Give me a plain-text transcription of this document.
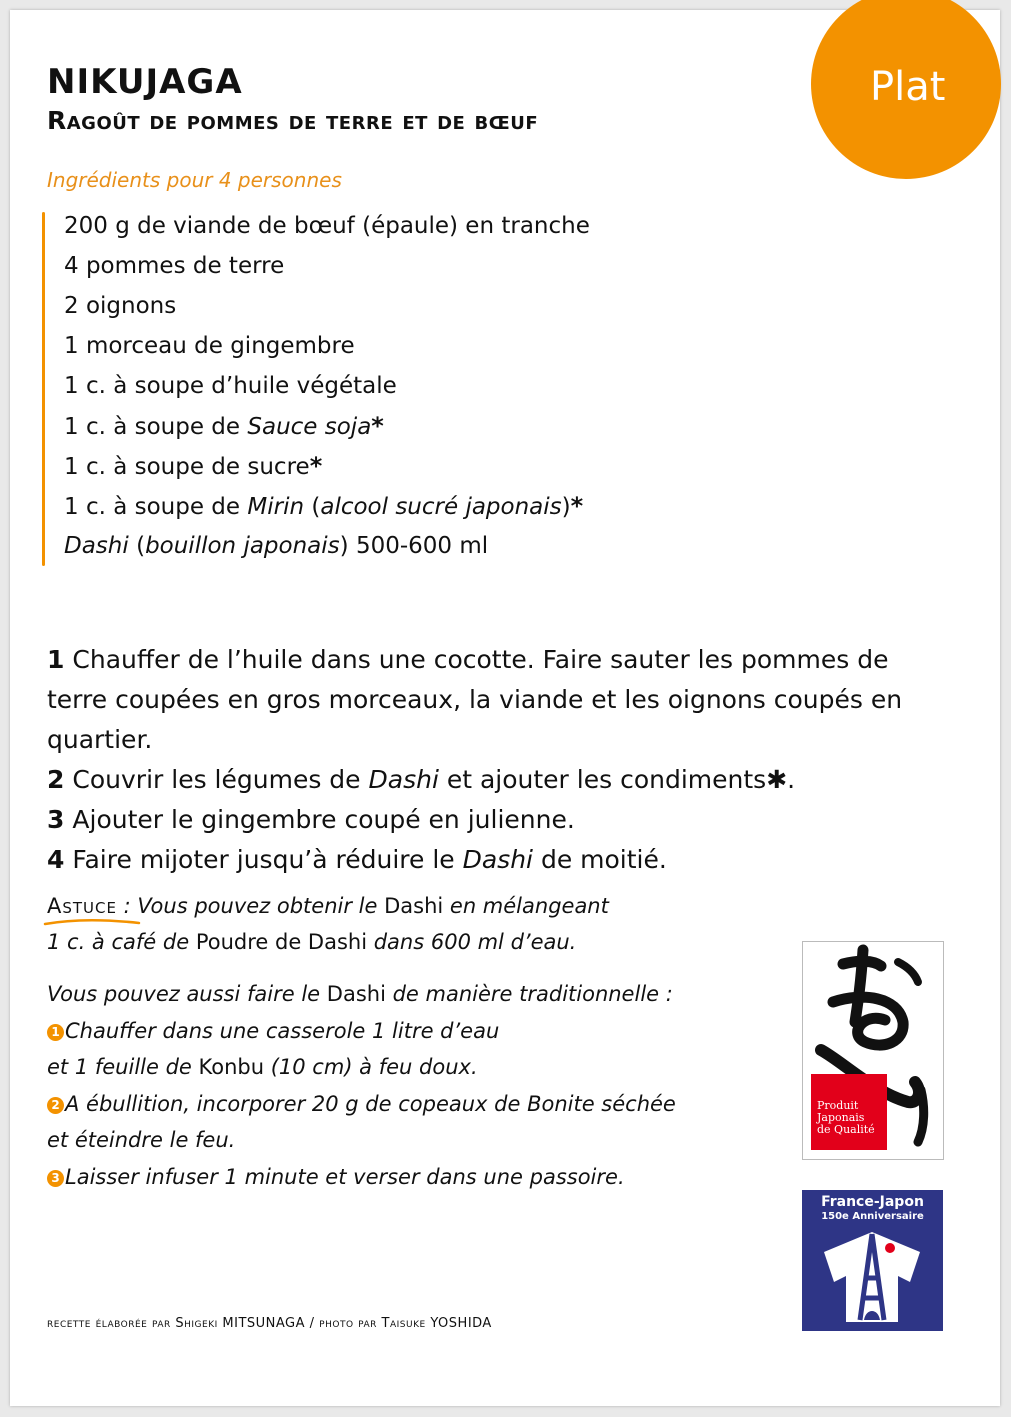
Plat
NIKUJAGA
Ragoût de pommes de terre et de bœuf

Ingrédients pour 4 personnes

200 g de viande de bœuf (épaule) en tranche
4 pommes de terre
2 oignons
1 morceau de gingembre
1 c. à soupe d’huile végétale
1 c. à soupe de Sauce soja*
1 c. à soupe de sucre*
1 c. à soupe de Mirin (alcool sucré japonais)*
Dashi (bouillon japonais) 500-600 ml
1 Chauffer de l’huile dans une cocotte. Faire sauter les pommes de terre coupées en gros morceaux, la viande et les oignons coupés en quartier.
2 Couvrir les légumes de Dashi et ajouter les condiments✱.
3 Ajouter le gingembre coupé en julienne.
4 Faire mijoter jusqu’à réduire le Dashi de moitié.
Astuce : Vous pouvez obtenir le Dashi en mélangeant
1 c. à café de Poudre de Dashi dans 600 ml d’eau.
Vous pouvez aussi faire le Dashi de manière traditionnelle :
1 Chauffer dans une casserole 1 litre d’eau
et 1 feuille de Konbu (10 cm) à feu doux.
2 A ébullition, incorporer 20 g de copeaux de Bonite séchée
et éteindre le feu.
3 Laisser infuser 1 minute et verser dans une passoire.
Produit
Japonais
de Qualité
France-Japon
150e Anniversaire
recette élaborée par Shigeki MITSUNAGA / photo par Taisuke YOSHIDA
